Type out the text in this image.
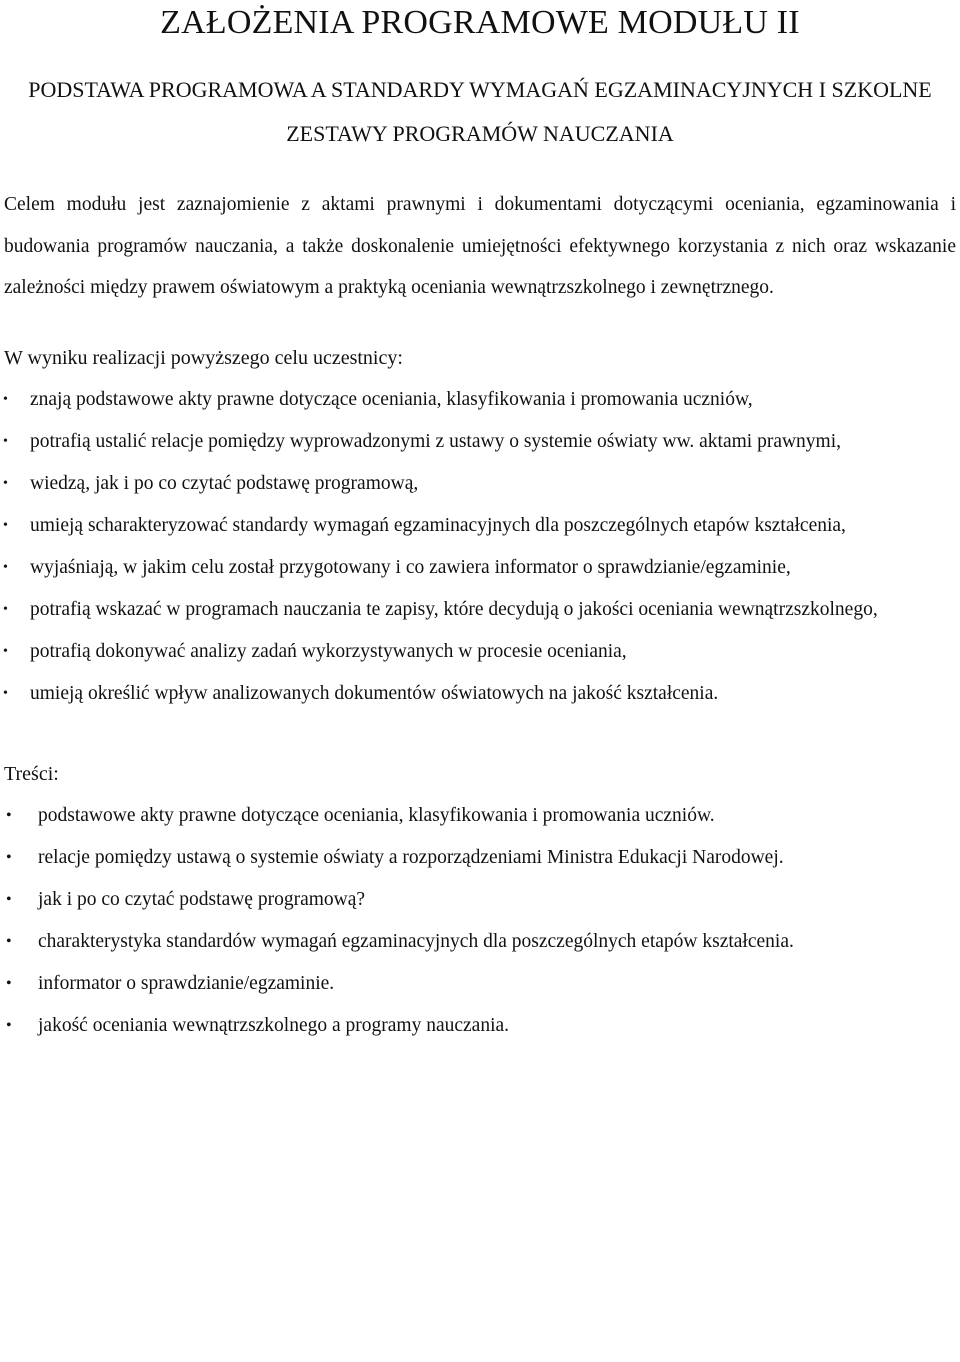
ZAŁOŻENIA PROGRAMOWE MODUŁU II
PODSTAWA PROGRAMOWA A STANDARDY WYMAGAŃ EGZAMINACYJNYCH I SZKOLNE ZESTAWY PROGRAMÓW NAUCZANIA

Celem modułu jest zaznajomienie z aktami prawnymi i dokumentami dotyczącymi oceniania, egzaminowania i budowania programów nauczania, a także doskonalenie umiejętności efektywnego korzystania z nich oraz wskazanie zależności między prawem oświatowym a praktyką oceniania wewnątrzszkolnego i zewnętrznego.

W wyniku realizacji powyższego celu uczestnicy:
• znają podstawowe akty prawne dotyczące oceniania, klasyfikowania i promowania uczniów,
• potrafią ustalić relacje pomiędzy wyprowadzonymi z ustawy o systemie oświaty ww. aktami prawnymi,
• wiedzą, jak i po co czytać podstawę programową,
• umieją scharakteryzować standardy wymagań egzaminacyjnych dla poszczególnych etapów kształcenia,
• wyjaśniają, w jakim celu został przygotowany i co zawiera informator o sprawdzianie/egzaminie,
• potrafią wskazać w programach nauczania te zapisy, które decydują o jakości oceniania wewnątrzszkolnego,
• potrafią dokonywać analizy zadań wykorzystywanych w procesie oceniania,
• umieją określić wpływ analizowanych dokumentów oświatowych na jakość kształcenia.
Treści:
• podstawowe akty prawne dotyczące oceniania, klasyfikowania i promowania uczniów.
• relacje pomiędzy ustawą o systemie oświaty a rozporządzeniami Ministra Edukacji Narodowej.
• jak i po co czytać podstawę programową?
• charakterystyka standardów wymagań egzaminacyjnych dla poszczególnych etapów kształcenia.
• informator o sprawdzianie/egzaminie.
• jakość oceniania wewnątrzszkolnego a programy nauczania.
